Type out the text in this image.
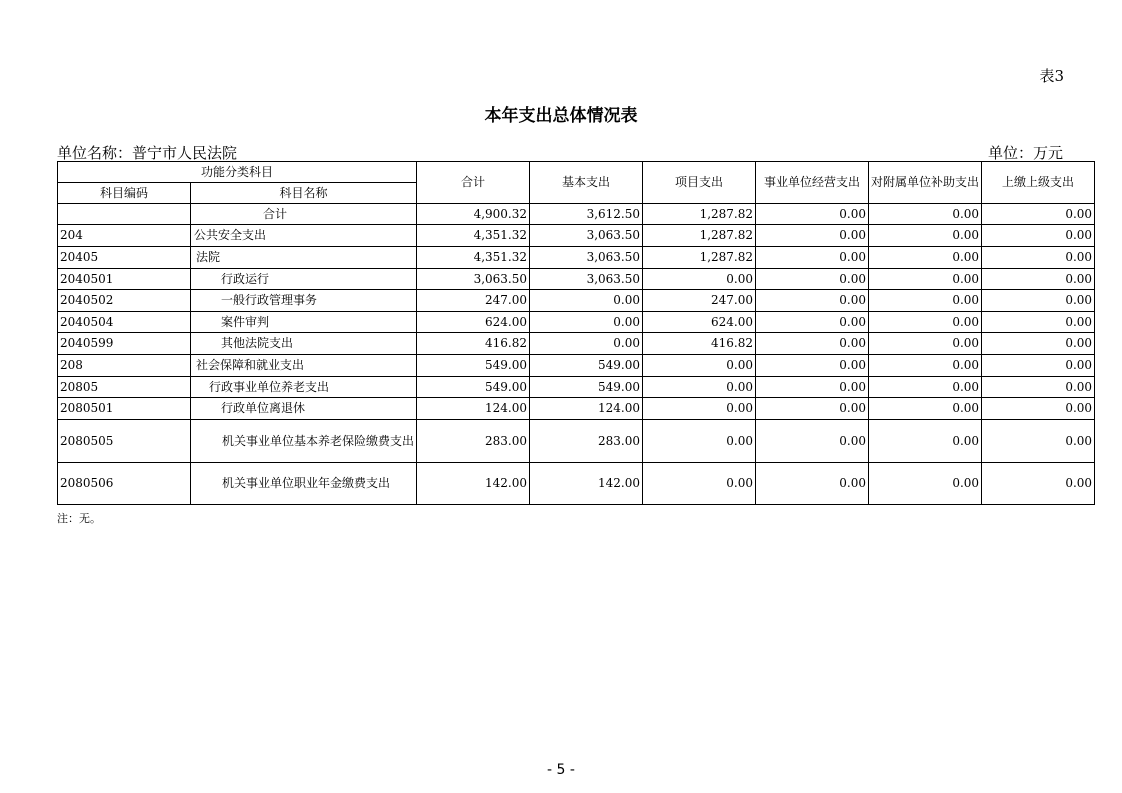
表3
本年支出总体情况表
单位名称：普宁市人民法院	单位：万元
功能分类科目		合计	基本支出	项目支出	事业单位经营支出	对附属单位补助支出	上缴上级支出
科目编码	科目名称						
	合计	4,900.32	3,612.50	1,287.82	0.00	0.00	0.00
204	公共安全支出	4,351.32	3,063.50	1,287.82	0.00	0.00	0.00
20405	法院	4,351.32	3,063.50	1,287.82	0.00	0.00	0.00
2040501	行政运行	3,063.50	3,063.50	0.00	0.00	0.00	0.00
2040502	一般行政管理事务	247.00	0.00	247.00	0.00	0.00	0.00
2040504	案件审判	624.00	0.00	624.00	0.00	0.00	0.00
2040599	其他法院支出	416.82	0.00	416.82	0.00	0.00	0.00
208	社会保障和就业支出	549.00	549.00	0.00	0.00	0.00	0.00
20805	行政事业单位养老支出	549.00	549.00	0.00	0.00	0.00	0.00
2080501	行政单位离退休	124.00	124.00	0.00	0.00	0.00	0.00
2080505	机关事业单位基本养老保险缴费支出	283.00	283.00	0.00	0.00	0.00	0.00
2080506	机关事业单位职业年金缴费支出	142.00	142.00	0.00	0.00	0.00	0.00
注：无。
- 5 -
